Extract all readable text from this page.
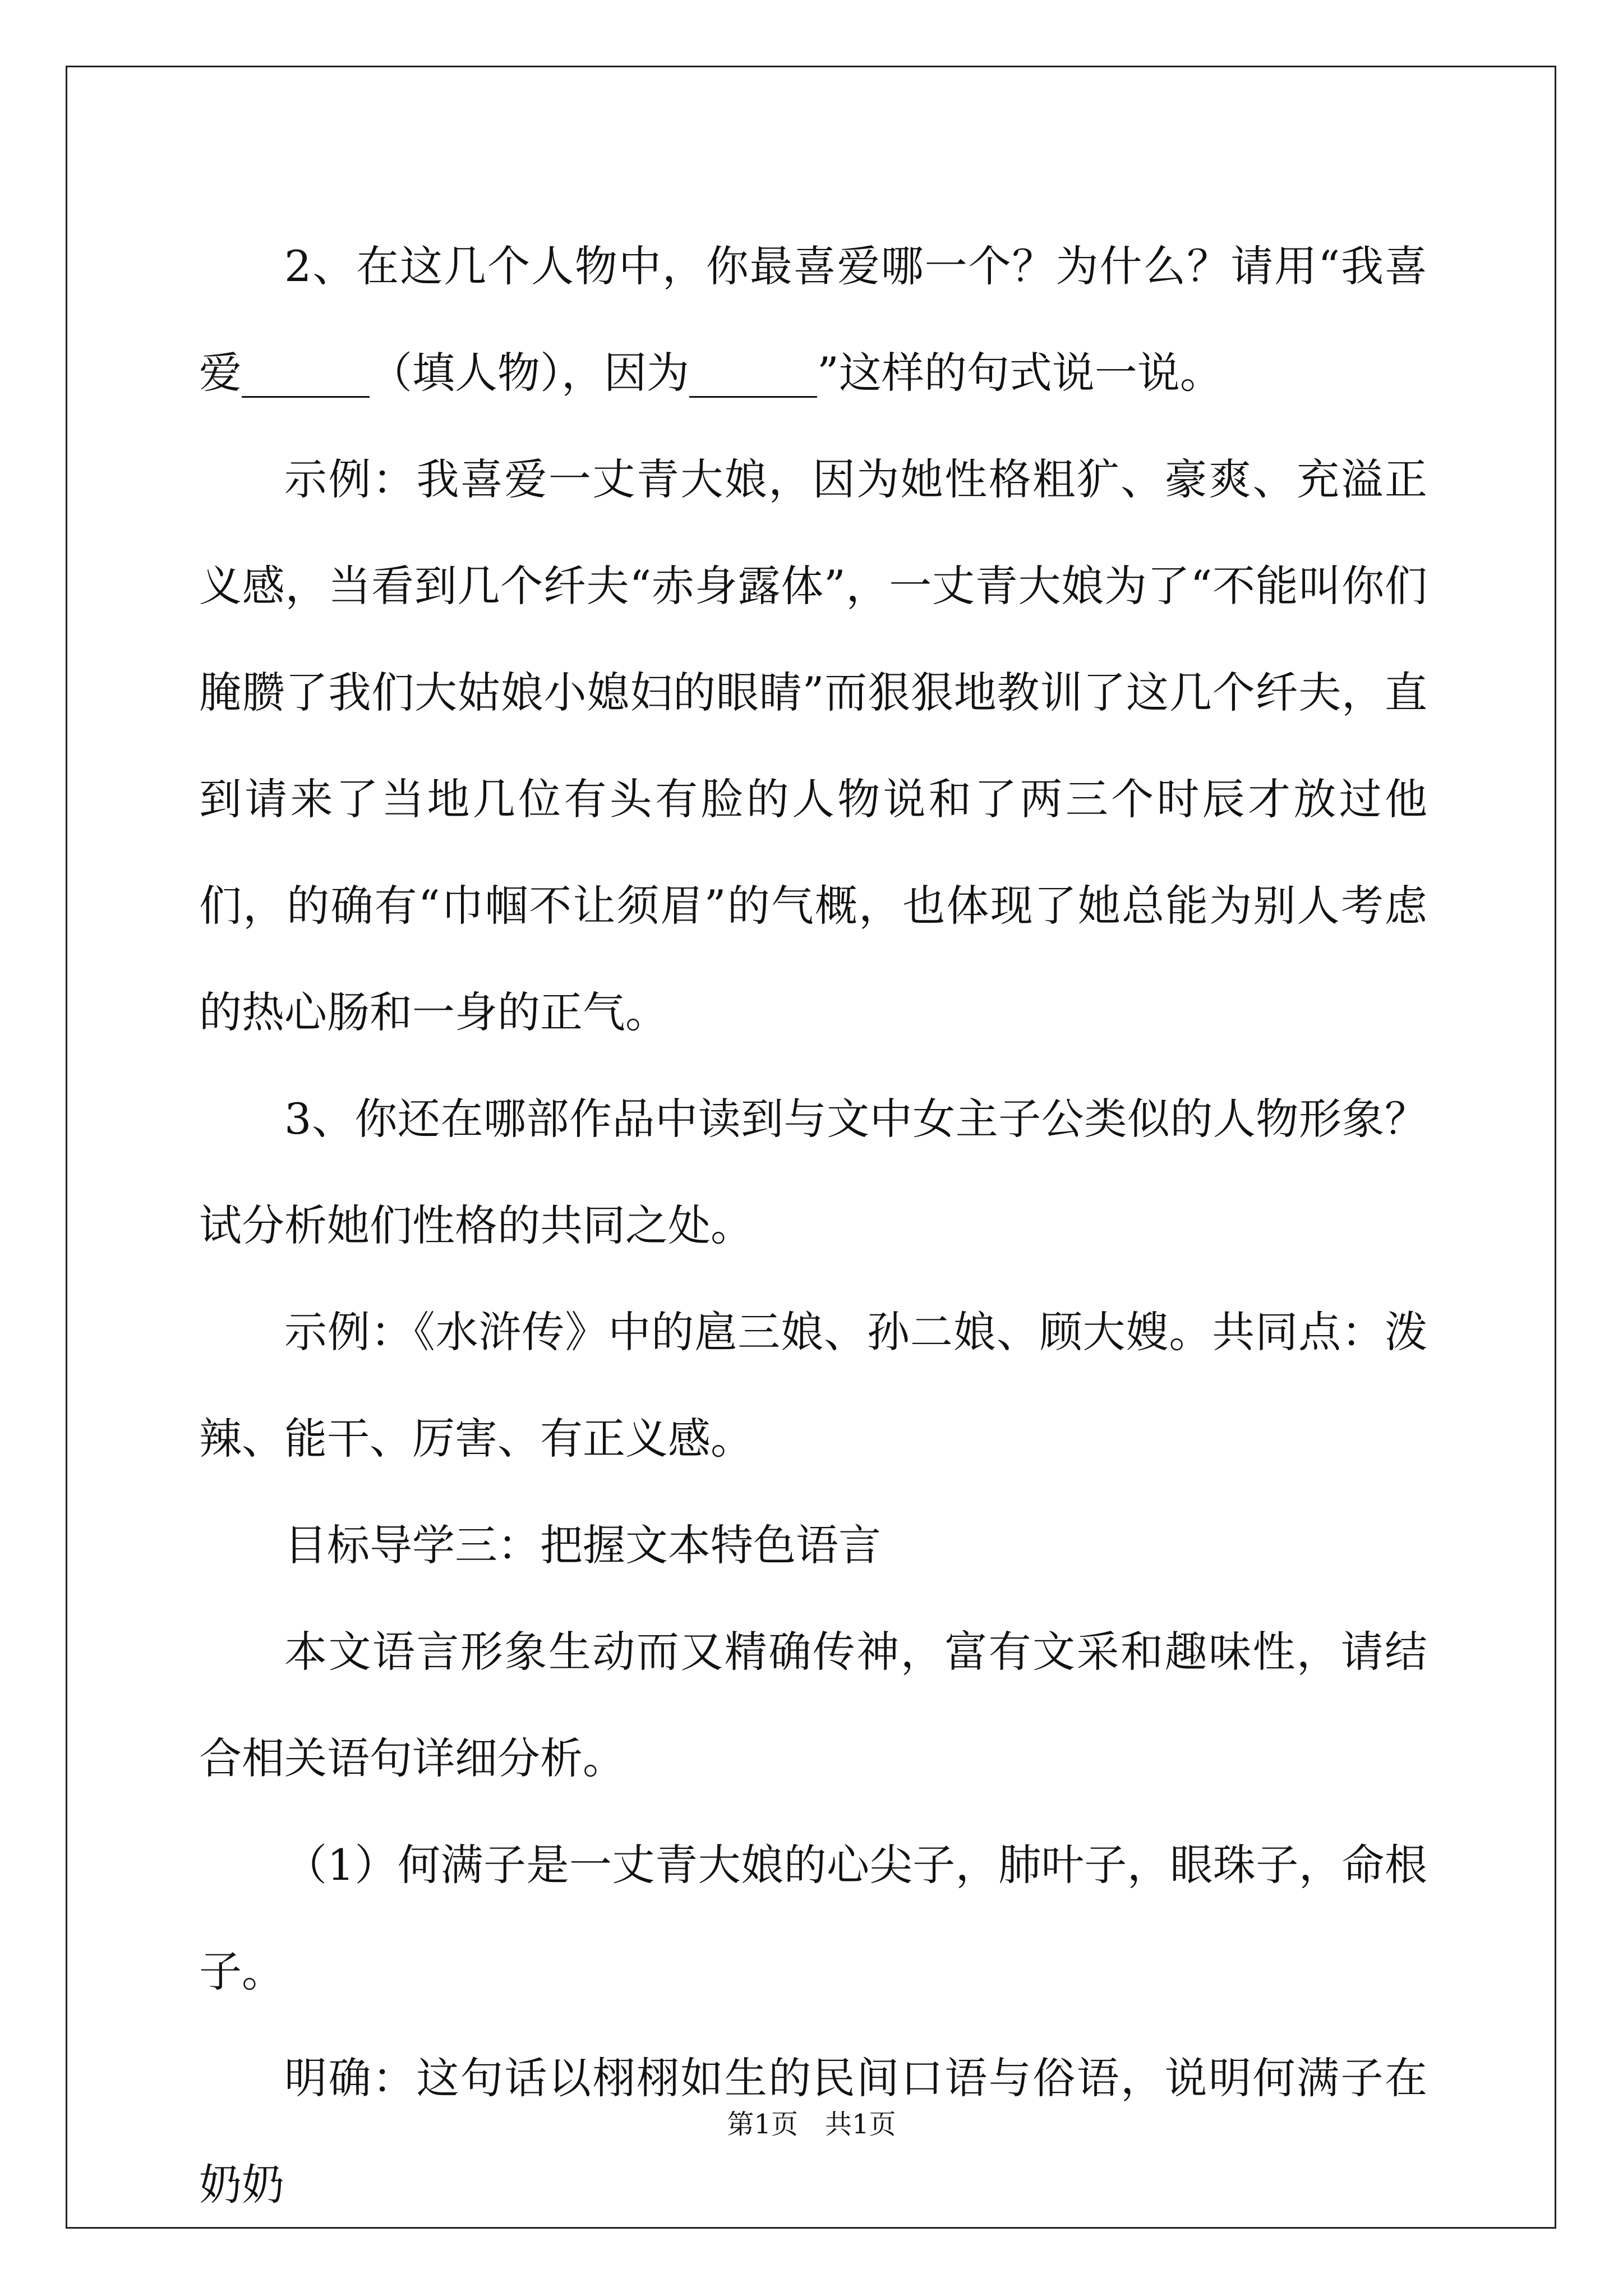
2、在这几个人物中，你最喜爱哪一个？为什么？请用“我喜爱______（填人物），因为______”这样的句式说一说。

示例：我喜爱一丈青大娘，因为她性格粗犷、豪爽、充溢正义感，当看到几个纤夫“赤身露体”，一丈青大娘为了“不能叫你们腌臜了我们大姑娘小媳妇的眼睛”而狠狠地教训了这几个纤夫，直到请来了当地几位有头有脸的人物说和了两三个时辰才放过他们，的确有“巾帼不让须眉”的气概，也体现了她总能为别人考虑的热心肠和一身的正气。

3、你还在哪部作品中读到与文中女主子公类似的人物形象？试分析她们性格的共同之处。

示例：《水浒传》中的扈三娘、孙二娘、顾大嫂。共同点：泼辣、能干、厉害、有正义感。

目标导学三：把握文本特色语言

本文语言形象生动而又精确传神，富有文采和趣味性，请结合相关语句详细分析。

（1）何满子是一丈青大娘的心尖子，肺叶子，眼珠子，命根子。

明确：这句话以栩栩如生的民间口语与俗语，说明何满子在奶奶

第1页　共1页
